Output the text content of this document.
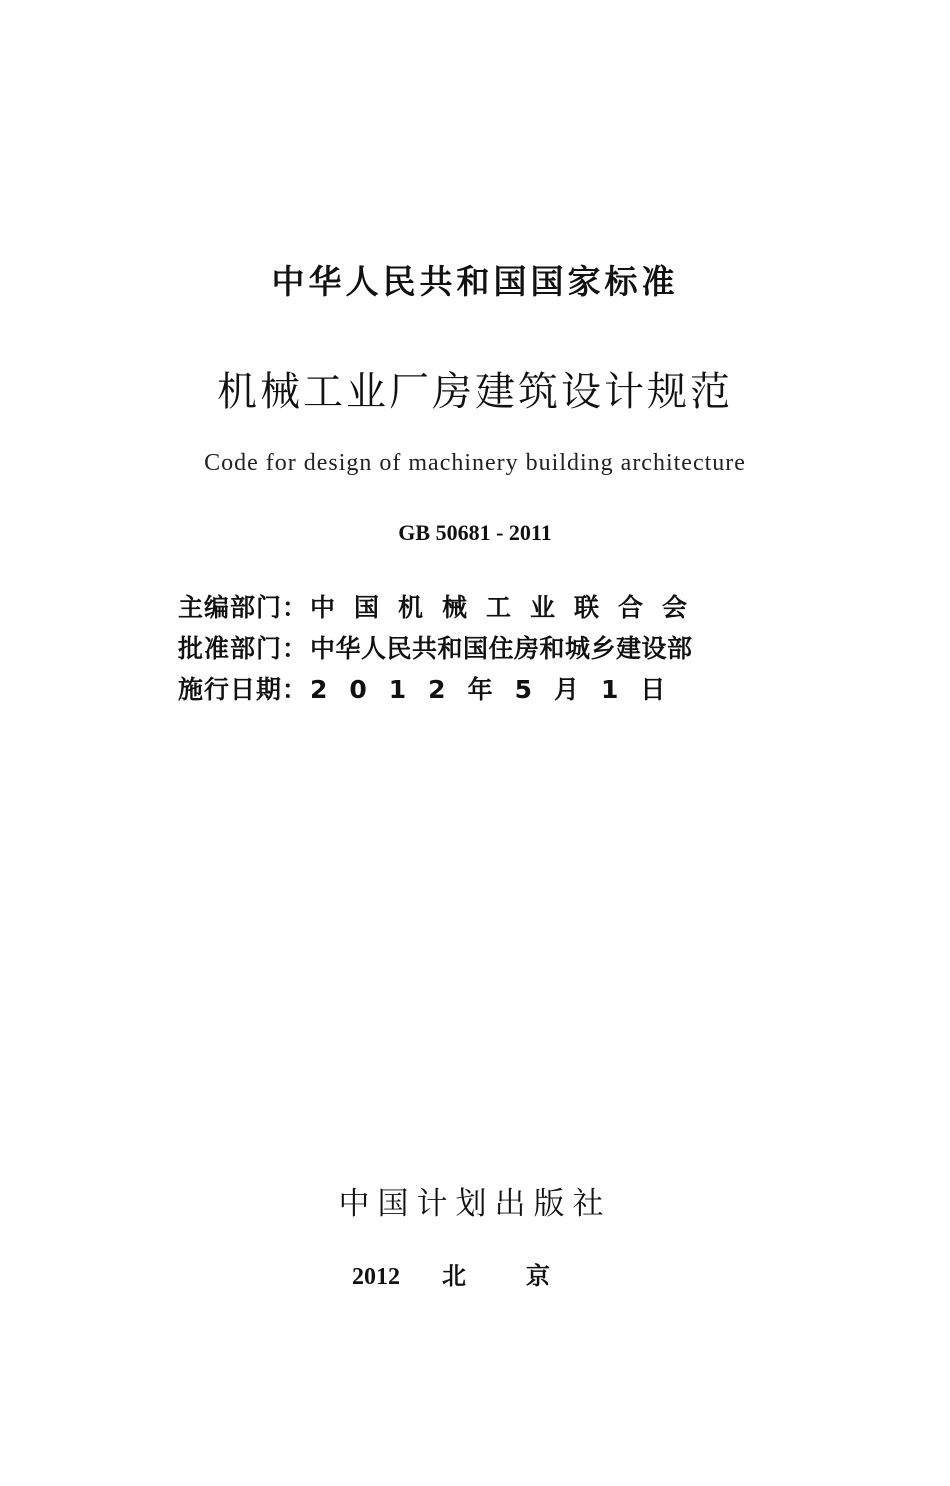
中华人民共和国国家标准
机械工业厂房建筑设计规范
Code for design of machinery building architecture
GB 50681 - 2011
主编部门： 中国机械工业联合会
批准部门： 中华人民共和国住房和城乡建设部
施行日期： 2012年5月1日
中国计划出版社
2012 北京
